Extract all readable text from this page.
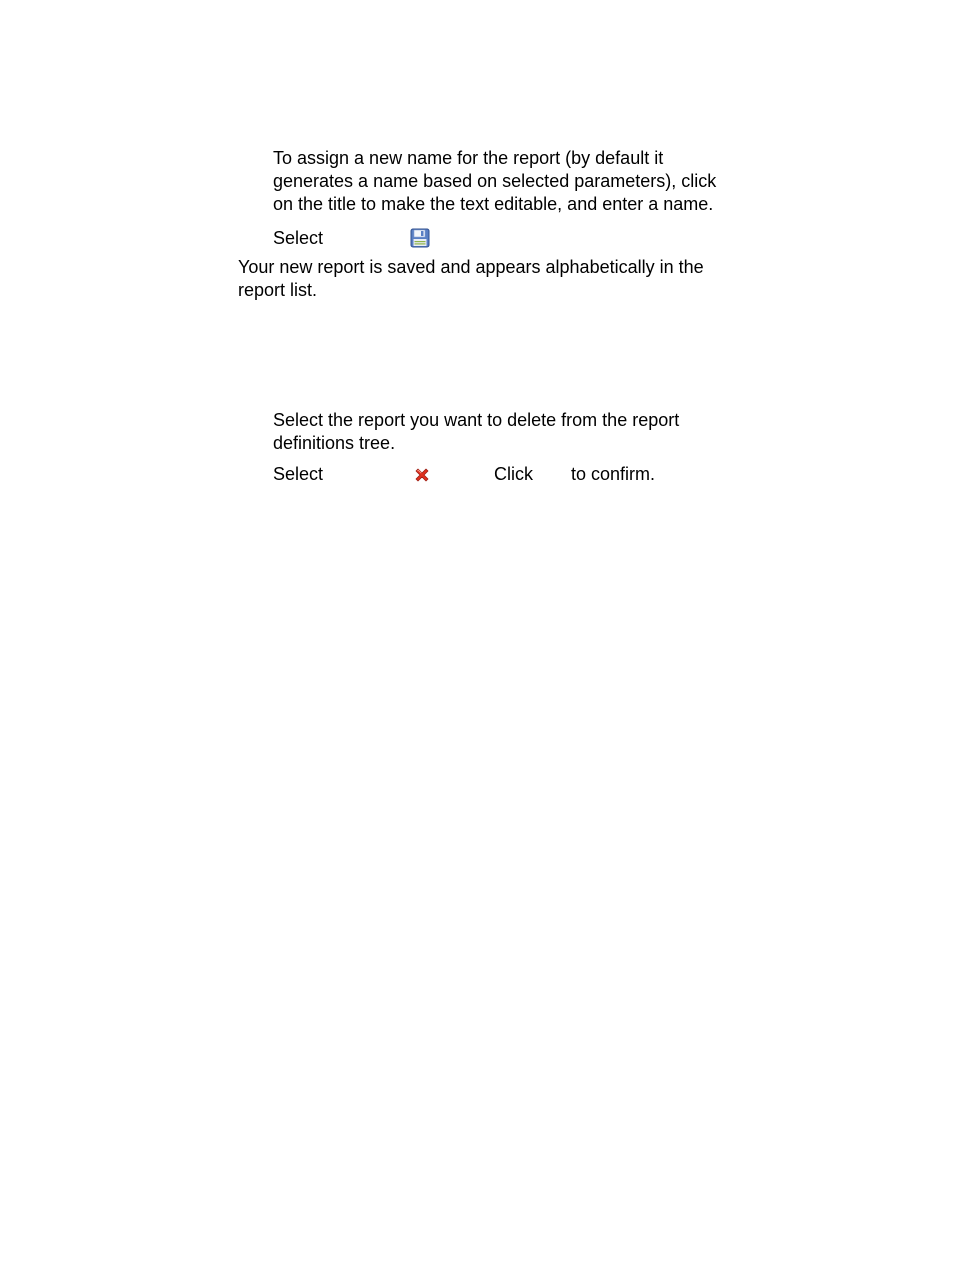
To assign a new name for the report (by default it
generates a name based on selected parameters), click
on the title to make the text editable, and enter a name.
Select
Your new report is saved and appears alphabetically in the
report list.
Select the report you want to delete from the report
definitions tree.
Select	Click to confirm.
